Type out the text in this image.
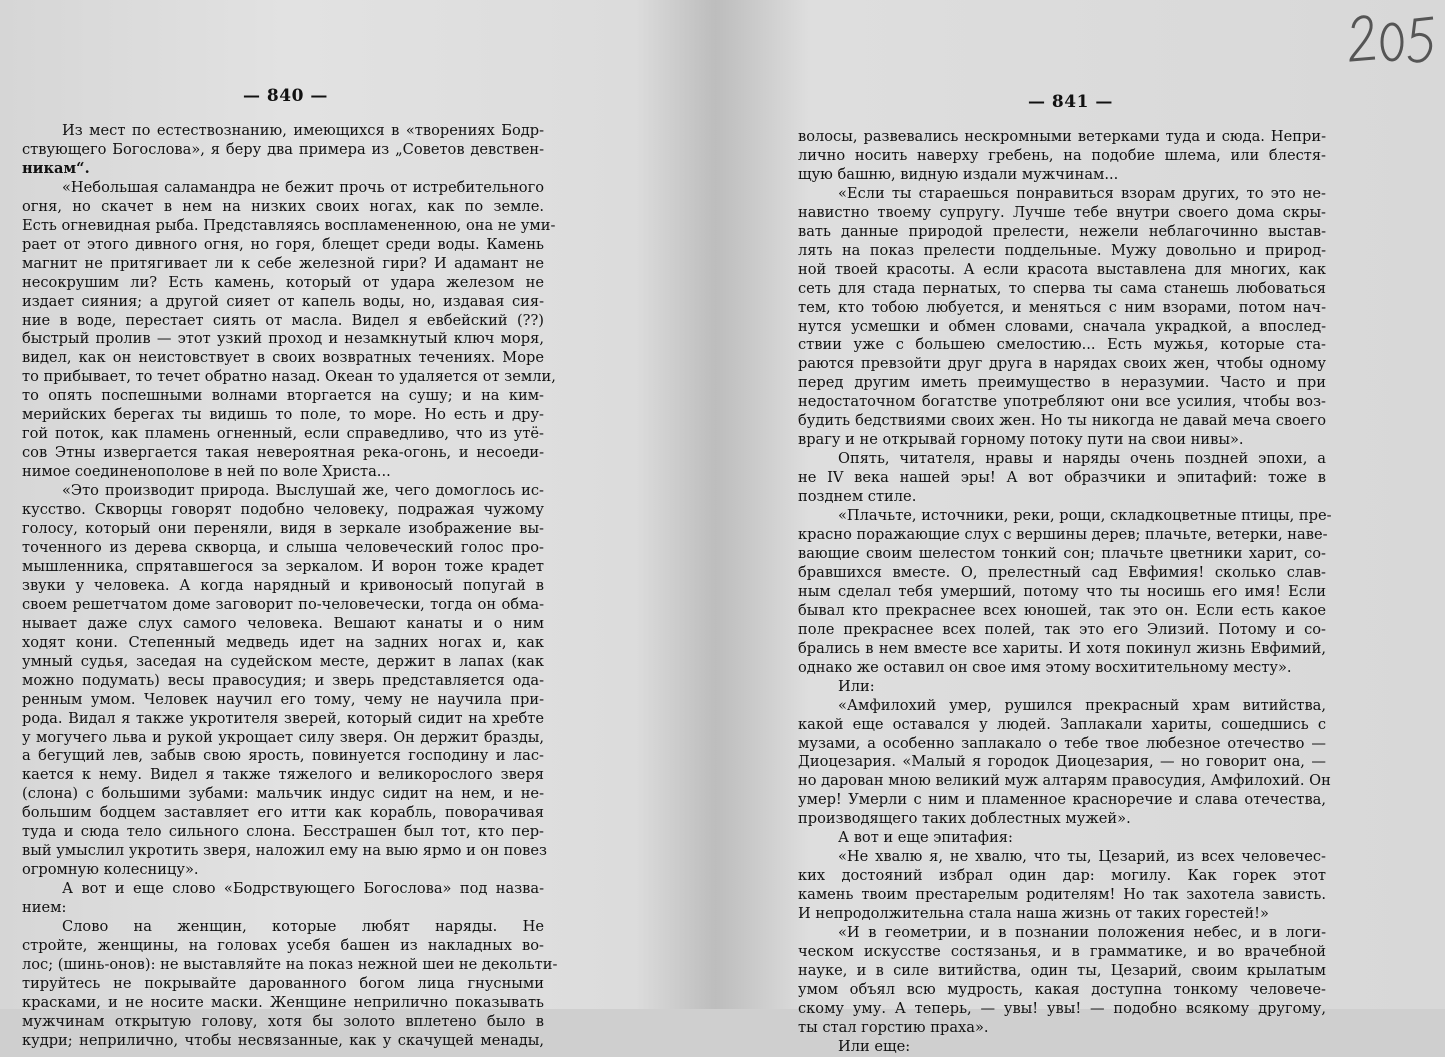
— 840 —
Из мест по естествознанию, имеющихся в «творениях Бодр-
ствующего Богослова», я беру два примера из „Советов девствен-
никам“.
«Небольшая саламандра не бежит прочь от истребительного
огня, но скачет в нем на низких своих ногах, как по земле.
Есть огневидная рыба. Представляясь воспламененною, она не уми-
рает от этого дивного огня, но горя, блещет среди воды. Камень
магнит не притягивает ли к себе железной гири? И адамант не
несокрушим ли? Есть камень, который от удара железом не
издает сияния; а другой сияет от капель воды, но, издавая сия-
ние в воде, перестает сиять от масла. Видел я евбейский (??)
быстрый пролив — этот узкий проход и незамкнутый ключ моря,
видел, как он неистовствует в своих возвратных течениях. Море
то прибывает, то течет обратно назад. Океан то удаляется от земли,
то опять поспешными волнами вторгается на сушу; и на ким-
мерийских берегах ты видишь то поле, то море. Но есть и дру-
гой поток, как пламень огненный, если справедливо, что из утё-
сов Этны извергается такая невероятная река-огонь, и несоеди-
нимое соединенополове в ней по воле Христа...
«Это производит природа. Выслушай же, чего домоглось ис-
кусство. Скворцы говорят подобно человеку, подражая чужому
голосу, который они переняли, видя в зеркале изображение вы-
точенного из дерева скворца, и слыша человеческий голос про-
мышленника, спрятавшегося за зеркалом. И ворон тоже крадет
звуки у человека. А когда нарядный и кривоносый попугай в
своем решетчатом доме заговорит по-человечески, тогда он обма-
нывает даже слух самого человека. Вешают канаты и о ним
ходят кони. Степенный медведь идет на задних ногах и, как
умный судья, заседая на судейском месте, держит в лапах (как
можно подумать) весы правосудия; и зверь представляется ода-
ренным умом. Человек научил его тому, чему не научила при-
рода. Видал я также укротителя зверей, который сидит на хребте
у могучего льва и рукой укрощает силу зверя. Он держит бразды,
а бегущий лев, забыв свою ярость, повинуется господину и лас-
кается к нему. Видел я также тяжелого и великорослого зверя
(слона) с большими зубами: мальчик индус сидит на нем, и не-
большим бодцем заставляет его итти как корабль, поворачивая
туда и сюда тело сильного слона. Бесстрашен был тот, кто пер-
вый умыслил укротить зверя, наложил ему на выю ярмо и он повез
огромную колесницу».
А вот и еще слово «Бодрствующего Богослова» под назва-
нием:
Слово на женщин, которые любят наряды. Не
стройте, женщины, на головах усебя башен из накладных во-
лос; (шинь-онов): не выставляйте на показ нежной шеи не декольти-
тируйтесь не покрывайте дарованного богом лица гнусными
красками, и не носите маски. Женщине неприлично показывать
мужчинам открытую голову, хотя бы золото вплетено было в
кудри; неприлично, чтобы несвязанные, как у скачущей менады,
— 841 —
волосы, развевались нескромными ветерками туда и сюда. Непри-
лично носить наверху гребень, на подобие шлема, или блестя-
щую башню, видную издали мужчинам...
«Если ты стараешься понравиться взорам других, то это не-
навистно твоему супругу. Лучше тебе внутри своего дома скры-
вать данные природой прелести, нежели неблагочинно выстав-
лять на показ прелести поддельные. Мужу довольно и природ-
ной твоей красоты. А если красота выставлена для многих, как
сеть для стада пернатых, то сперва ты сама станешь любоваться
тем, кто тобою любуется, и меняться с ним взорами, потом нач-
нутся усмешки и обмен словами, сначала украдкой, а впослед-
ствии уже с большею смелостию... Есть мужья, которые ста-
раются превзойти друг друга в нарядах своих жен, чтобы одному
перед другим иметь преимущество в неразумии. Часто и при
недостаточном богатстве употребляют они все усилия, чтобы воз-
будить бедствиями своих жен. Но ты никогда не давай меча своего
врагу и не открывай горному потоку пути на свои нивы».
Опять, читателя, нравы и наряды очень поздней эпохи, а
не IV века нашей эры! А вот образчики и эпитафий: тоже в
позднем стиле.
«Плачьте, источники, реки, рощи, складкоцветные птицы, пре-
красно поражающие слух с вершины дерев; плачьте, ветерки, наве-
вающие своим шелестом тонкий сон; плачьте цветники харит, со-
бравшихся вместе. О, прелестный сад Евфимия! сколько слав-
ным сделал тебя умерший, потому что ты носишь его имя! Если
бывал кто прекраснее всех юношей, так это он. Если есть какое
поле прекраснее всех полей, так это его Элизий. Потому и со-
брались в нем вместе все хариты. И хотя покинул жизнь Евфимий,
однако же оставил он свое имя этому восхитительному месту».
Или:
«Амфилохий умер, рушился прекрасный храм витийства,
какой еще оставался у людей. Заплакали хариты, сошедшись с
музами, а особенно заплакало о тебе твое любезное отечество —
Диоцезария. «Малый я городок Диоцезария, — но говорит она, —
но дарован мною великий муж алтарям правосудия, Амфилохий. Он
умер! Умерли с ним и пламенное красноречие и слава отечества,
производящего таких доблестных мужей».
А вот и еще эпитафия:
«Не хвалю я, не хвалю, что ты, Цезарий, из всех человечес-
ких достояний избрал один дар: могилу. Как горек этот
камень твоим престарелым родителям! Но так захотела зависть.
И непродолжительна стала наша жизнь от таких горестей!»
«И в геометрии, и в познании положения небес, и в логи-
ческом искусстве состязанья, и в грамматике, и во врачебной
науке, и в силе витийства, один ты, Цезарий, своим крылатым
умом объял всю мудрость, какая доступна тонкому человече-
скому уму. А теперь, — увы! увы! — подобно всякому другому,
ты стал горстию праха».
Или еще:
